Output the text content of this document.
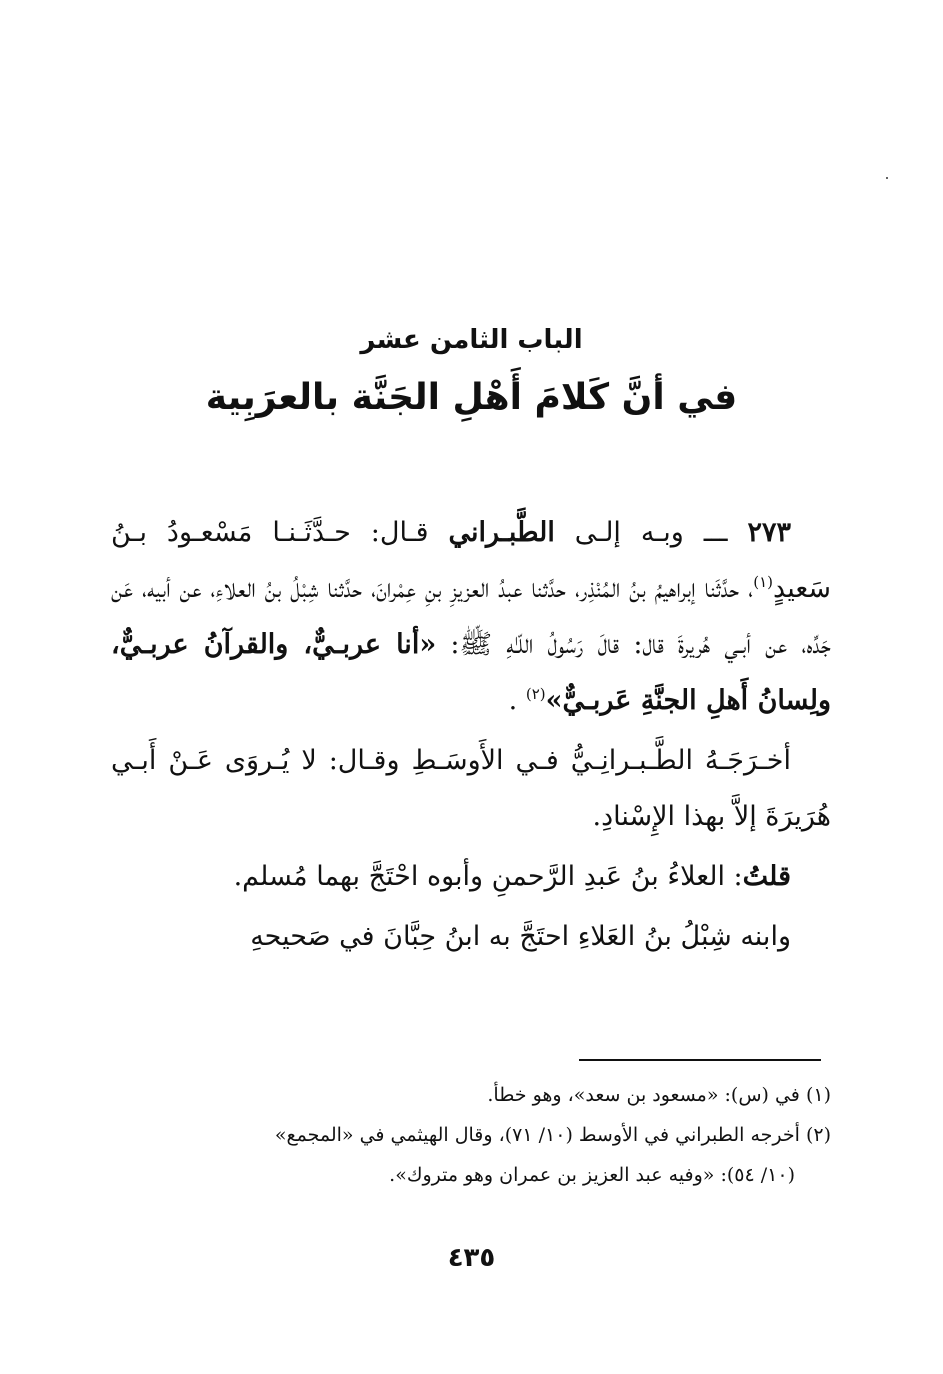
الباب الثامن عشر
في أنَّ كَلامَ أَهْلِ الجَنَّة بالعرَبِية

٢٧٣ ـــ وبـه إلـى الطَّبـراني قـال: حـدَّثَـنـا مَسْعـودُ بـنُ سَعيدٍ$^{(١)}$، حدَّثَنا إبراهيمُ بنُ المُنْذِر، حدَّثنا عبدُ العزيزِ بنِ عِمْرانَ، حدَّثنا شِبْلُ بنُ العلاءِ، عن أبيه، عَن جَدِّه، عن أبـي هُريرةَ قال: قالَ رَسُولُ اللّـٰهِ ﷺ: «أنا عربـيٌّ، والقرآنُ عربـيٌّ، ولِسانُ أَهلِ الجنَّةِ عَربـيٌّ»$^{(٢)}$ .

أخـرَجَـهُ الطَّـبـرانِـيُّ فـي الأَوسَـطِ وقـال: لا يُـروَى عَـنْ أَبـي هُرَيرَةَ إلاَّ بهذا الإِسْنادِ.

قلتُ: العلاءُ بنُ عَبدِ الرَّحمنِ وأبوه احْتَجَّ بهما مُسلم.

وابنه شِبْلُ بنُ العَلاءِ احتَجَّ به ابنُ حِبَّانَ في صَحيحهِ

(١) في (س): «مسعود بن سعد»، وهو خطأ.

(٢) أخرجه الطبراني في الأوسط (١٠/ ٧١)، وقال الهيثمي في «المجمع»

(١٠/ ٥٤): «وفيه عبد العزيز بن عمران وهو متروك».

٤٣٥
